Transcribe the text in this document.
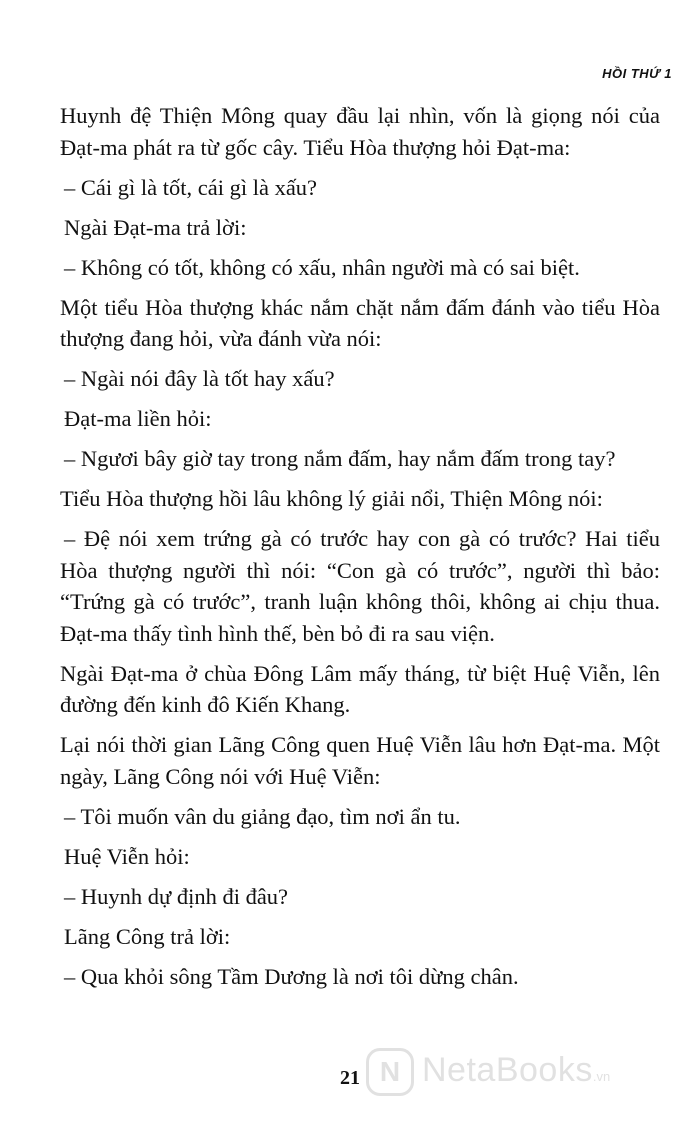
HỒI THỨ 1

Huynh đệ Thiện Mông quay đầu lại nhìn, vốn là giọng nói của Đạt-ma phát ra từ gốc cây. Tiểu Hòa thượng hỏi Đạt-ma:

– Cái gì là tốt, cái gì là xấu?

Ngài Đạt-ma trả lời:

– Không có tốt, không có xấu, nhân người mà có sai biệt.

Một tiểu Hòa thượng khác nắm chặt nắm đấm đánh vào tiểu Hòa thượng đang hỏi, vừa đánh vừa nói:

– Ngài nói đây là tốt hay xấu?

Đạt-ma liền hỏi:

– Ngươi bây giờ tay trong nắm đấm, hay nắm đấm trong tay?

Tiểu Hòa thượng hồi lâu không lý giải nổi, Thiện Mông nói:

– Đệ nói xem trứng gà có trước hay con gà có trước? Hai tiểu Hòa thượng người thì nói: “Con gà có trước”, người thì bảo: “Trứng gà có trước”, tranh luận không thôi, không ai chịu thua. Đạt-ma thấy tình hình thế, bèn bỏ đi ra sau viện.

Ngài Đạt-ma ở chùa Đông Lâm mấy tháng, từ biệt Huệ Viễn, lên đường đến kinh đô Kiến Khang.

Lại nói thời gian Lãng Công quen Huệ Viễn lâu hơn Đạt-ma. Một ngày, Lãng Công nói với Huệ Viễn:

– Tôi muốn vân du giảng đạo, tìm nơi ẩn tu.

Huệ Viễn hỏi:

– Huynh dự định đi đâu?

Lãng Công trả lời:

– Qua khỏi sông Tầm Dương là nơi tôi dừng chân.

21 N NetaBooks.vn
